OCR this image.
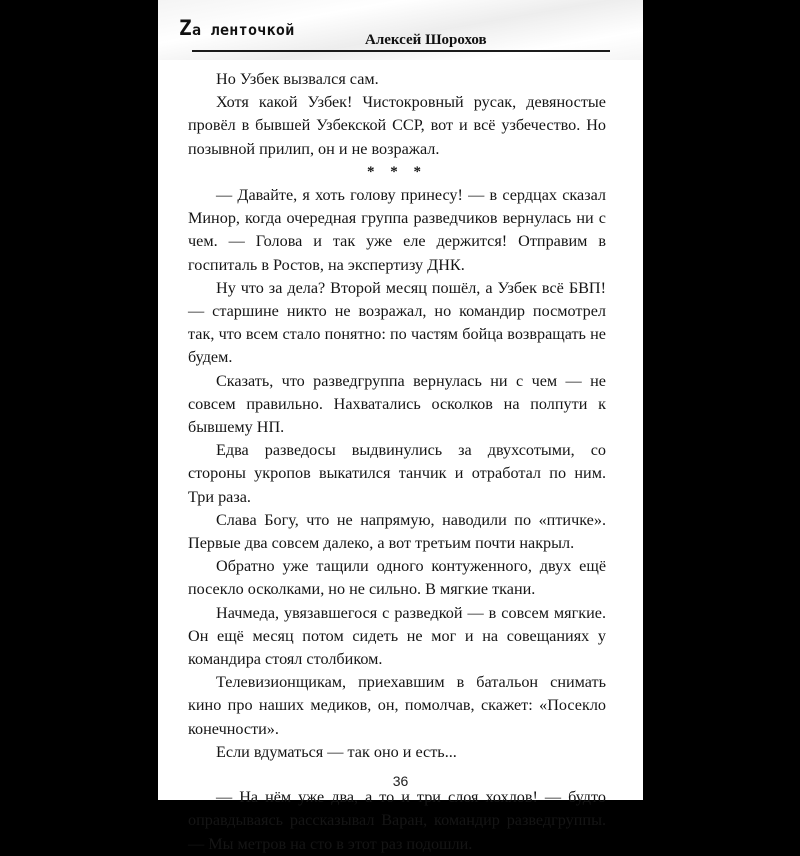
Zа ленточкой
Алексей Шорохов

Но Узбек вызвался сам.

Хотя какой Узбек! Чистокровный русак, девяностые провёл в бывшей Узбекской ССР, вот и всё узбечество. Но позывной прилип, он и не возражал.

* * *

— Давайте, я хоть голову принесу! — в сердцах сказал Минор, когда очередная группа разведчиков вернулась ни с чем. — Голова и так уже еле держится! Отправим в госпиталь в Ростов, на экспертизу ДНК.

Ну что за дела? Второй месяц пошёл, а Узбек всё БВП! — старшине никто не возражал, но командир посмотрел так, что всем стало понятно: по частям бойца возвращать не будем.

Сказать, что разведгруппа вернулась ни с чем — не совсем правильно. Нахватались осколков на полпути к бывшему НП.

Едва разведосы выдвинулись за двухсотыми, со стороны укропов выкатился танчик и отработал по ним. Три раза.

Слава Богу, что не напрямую, наводили по «птичке». Первые два совсем далеко, а вот третьим почти накрыл.

Обратно уже тащили одного контуженного, двух ещё посекло осколками, но не сильно. В мягкие ткани.

Начмеда, увязавшегося с разведкой — в совсем мягкие. Он ещё месяц потом сидеть не мог и на совещаниях у командира стоял столбиком.

Телевизионщикам, приехавшим в батальон снимать кино про наших медиков, он, помолчав, скажет: «Посекло конечности».

Если вдуматься — так оно и есть...

— На нём уже два, а то и три слоя хохлов! — будто оправдываясь рассказывал Варан, командир разведгруппы. — Мы метров на сто в этот раз подошли.

36
